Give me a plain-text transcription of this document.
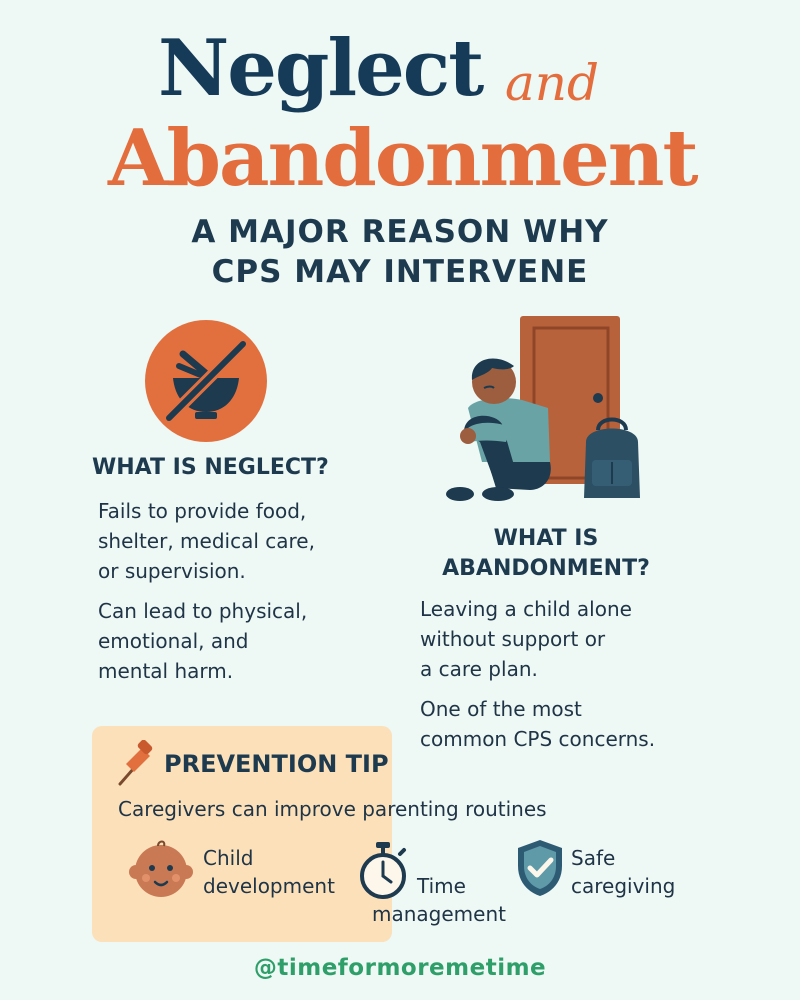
Neglect and
Abandonment
A MAJOR REASON WHY
CPS MAY INTERVENE
WHAT IS NEGLECT?
Fails to provide food,
shelter, medical care,
or supervision.
Can lead to physical,
emotional, and
mental harm.
WHAT IS
ABANDONMENT?
Leaving a child alone
without support or
a care plan.
One of the most
common CPS concerns.
PREVENTION TIP
Caregivers can improve parenting routines
Child
development	Time
management
Safe
caregiving
@timeformoremetime
